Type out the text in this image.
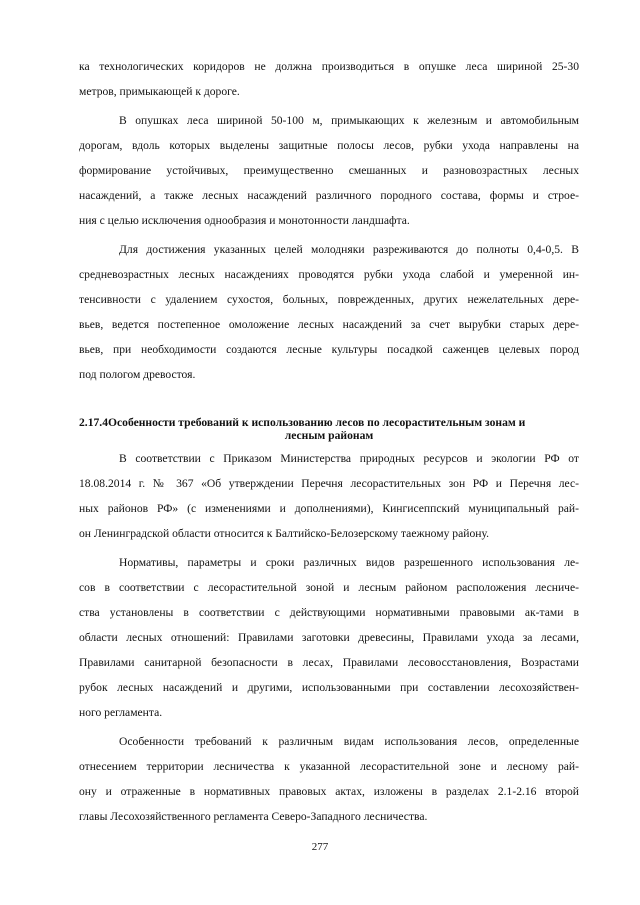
ка технологических коридоров не должна производиться в опушке леса шириной 25-30
метров, примыкающей к дороге.
В опушках леса шириной 50-100 м, примыкающих к железным и автомобильным
дорогам, вдоль которых выделены защитные полосы лесов, рубки ухода направлены на
формирование устойчивых, преимущественно смешанных и разновозрастных лесных
насаждений, а также лесных насаждений различного породного состава, формы и строе-
ния с целью исключения однообразия и монотонности ландшафта.
Для достижения указанных целей молодняки разреживаются до полноты 0,4-0,5. В
средневозрастных лесных насаждениях проводятся рубки ухода слабой и умеренной ин-
тенсивности с удалением сухостоя, больных, поврежденных, других нежелательных дере-
вьев, ведется постепенное омоложение лесных насаждений за счет вырубки старых дере-
вьев, при необходимости создаются лесные культуры посадкой саженцев целевых пород
под пологом древостоя.
2.17.4Особенности требований к использованию лесов по лесорастительным зонам и
лесным районам
В соответствии с Приказом Министерства природных ресурсов и экологии РФ от
18.08.2014 г. № 367 «Об утверждении Перечня лесорастительных зон РФ и Перечня лес-
ных районов РФ» (с изменениями и дополнениями), Кингисеппский муниципальный рай-
он Ленинградской области относится к Балтийско-Белозерскому таежному району.
Нормативы, параметры и сроки различных видов разрешенного использования ле-
сов в соответствии с лесорастительной зоной и лесным районом расположения лесниче-
ства установлены в соответствии с действующими нормативными правовыми ак-тами в
области лесных отношений: Правилами заготовки древесины, Правилами ухода за лесами,
Правилами санитарной безопасности в лесах, Правилами лесовосстановления, Возрастами
рубок лесных насаждений и другими, использованными при составлении лесохозяйствен-
ного регламента.
Особенности требований к различным видам использования лесов, определенные
отнесением территории лесничества к указанной лесорастительной зоне и лесному рай-
ону и отраженные в нормативных правовых актах, изложены в разделах 2.1-2.16 второй
главы Лесохозяйственного регламента Северо-Западного лесничества.
277
